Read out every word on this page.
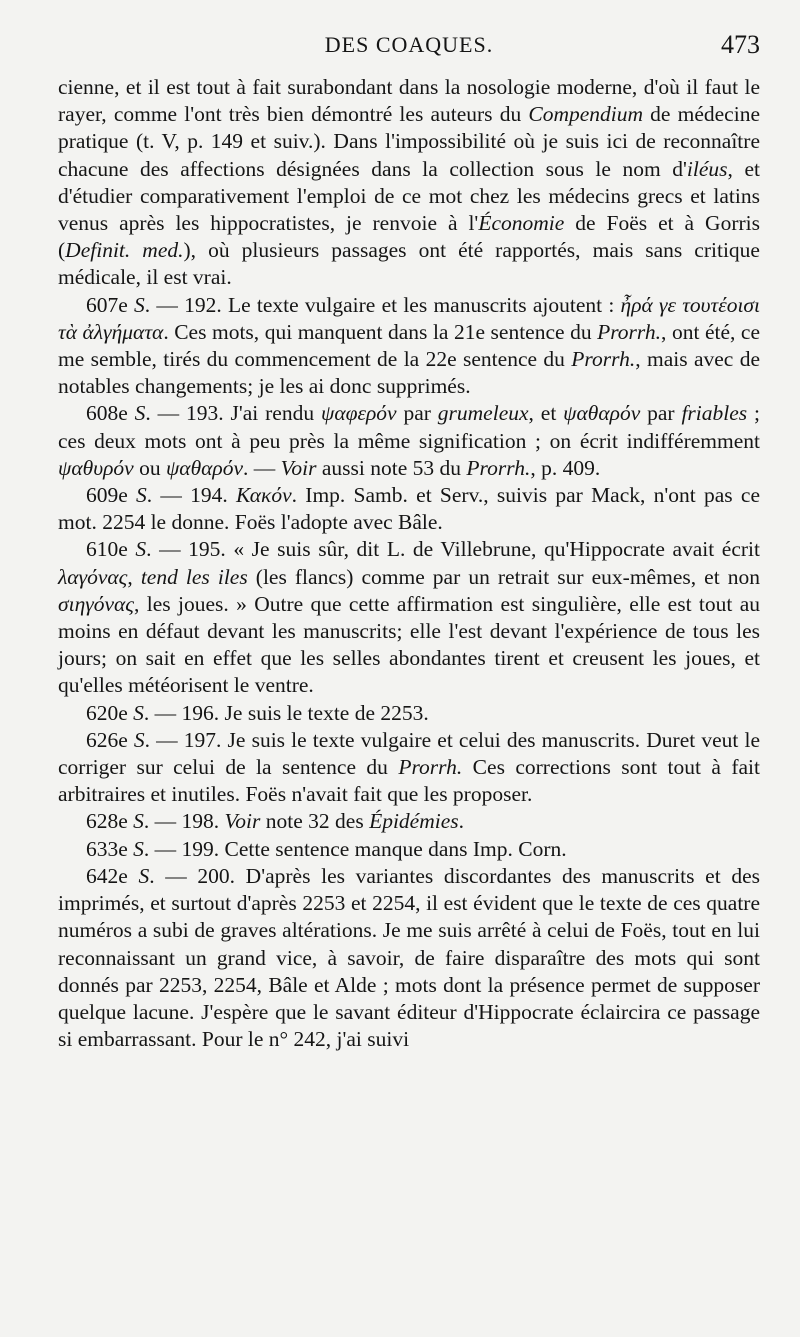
DES COAQUES.	473

cienne, et il est tout à fait surabondant dans la nosologie moderne, d'où il faut le rayer, comme l'ont très bien démontré les auteurs du Compendium de médecine pratique (t. V, p. 149 et suiv.). Dans l'impossibilité où je suis ici de reconnaître chacune des affections désignées dans la collection sous le nom d'iléus, et d'étudier comparativement l'emploi de ce mot chez les médecins grecs et latins venus après les hippocratistes, je renvoie à l'Économie de Foës et à Gorris (Definit. med.), où plusieurs passages ont été rapportés, mais sans critique médicale, il est vrai.

607e S. — 192. Le texte vulgaire et les manuscrits ajoutent : ἦρά γε τουτέοισι τὰ ἀλγήματα. Ces mots, qui manquent dans la 21e sentence du Prorrh., ont été, ce me semble, tirés du commencement de la 22e sentence du Prorrh., mais avec de notables changements; je les ai donc supprimés.

608e S. — 193. J'ai rendu ψαφερόν par grumeleux, et ψαθαρόν par friables ; ces deux mots ont à peu près la même signification ; on écrit indifféremment ψαθυρόν ou ψαθαρόν. — Voir aussi note 53 du Prorrh., p. 409.

609e S. — 194. Κακόν. Imp. Samb. et Serv., suivis par Mack, n'ont pas ce mot. 2254 le donne. Foës l'adopte avec Bâle.

610e S. — 195. « Je suis sûr, dit L. de Villebrune, qu'Hippocrate avait écrit λαγόνας, tend les iles (les flancs) comme par un retrait sur eux-mêmes, et non σιηγόνας, les joues. » Outre que cette affirmation est singulière, elle est tout au moins en défaut devant les manuscrits; elle l'est devant l'expérience de tous les jours; on sait en effet que les selles abondantes tirent et creusent les joues, et qu'elles météorisent le ventre.

620e S. — 196. Je suis le texte de 2253.

626e S. — 197. Je suis le texte vulgaire et celui des manuscrits. Duret veut le corriger sur celui de la sentence du Prorrh. Ces corrections sont tout à fait arbitraires et inutiles. Foës n'avait fait que les proposer.

628e S. — 198. Voir note 32 des Épidémies.

633e S. — 199. Cette sentence manque dans Imp. Corn.

642e S. — 200. D'après les variantes discordantes des manuscrits et des imprimés, et surtout d'après 2253 et 2254, il est évident que le texte de ces quatre numéros a subi de graves altérations. Je me suis arrêté à celui de Foës, tout en lui reconnaissant un grand vice, à savoir, de faire disparaître des mots qui sont donnés par 2253, 2254, Bâle et Alde ; mots dont la présence permet de supposer quelque lacune. J'espère que le savant éditeur d'Hippocrate éclaircira ce passage si embarrassant. Pour le n° 242, j'ai suivi
